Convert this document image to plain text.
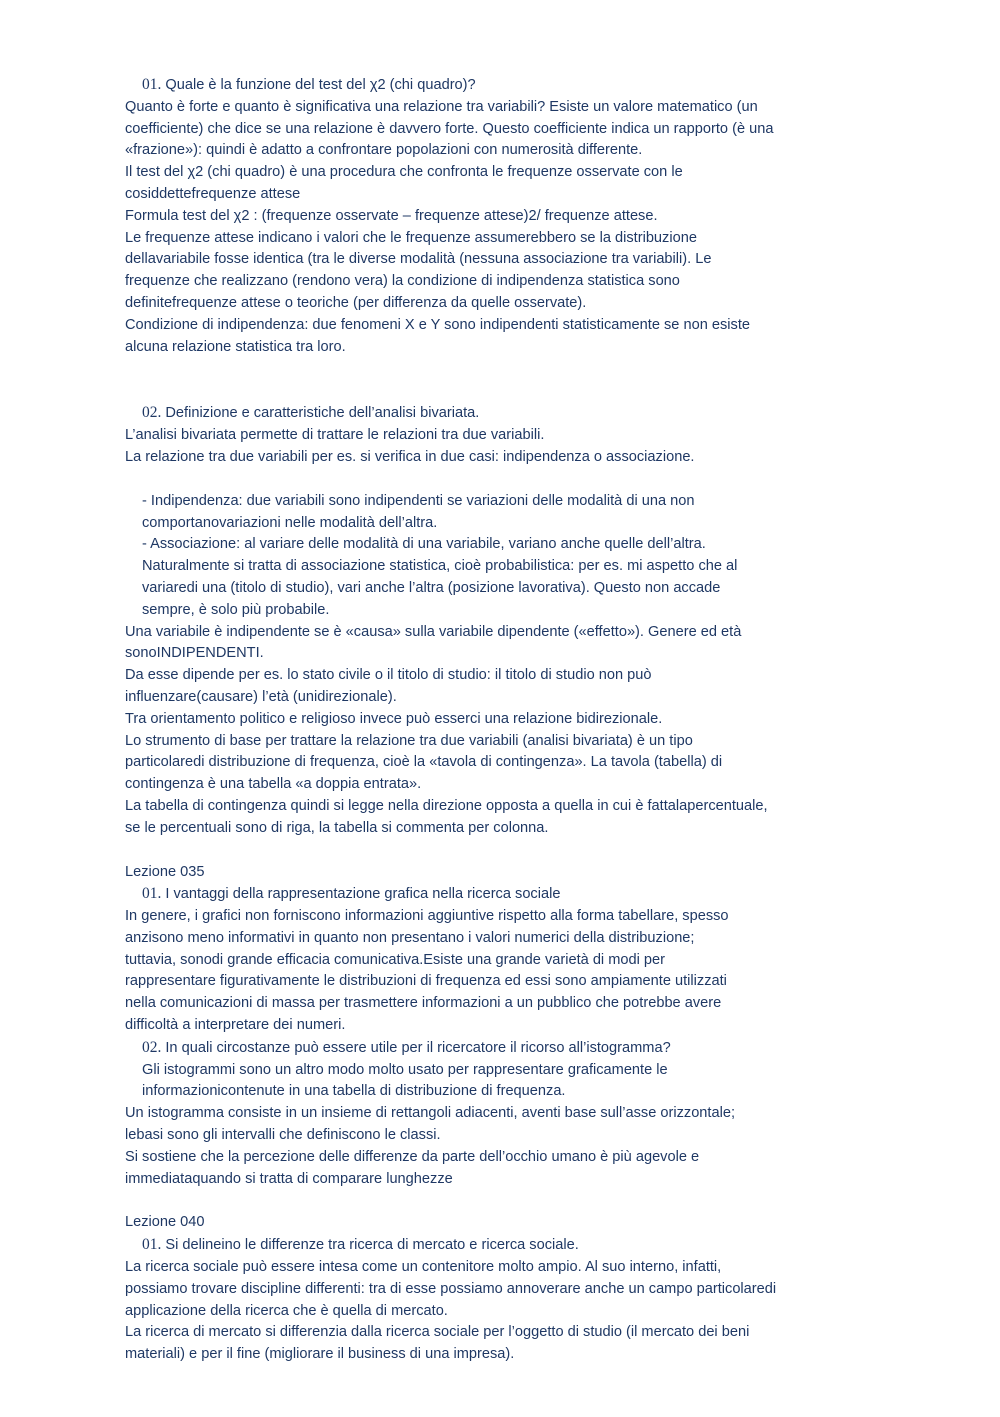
01. Quale è la funzione del test del χ2 (chi quadro)?

Quanto è forte e quanto è significativa una relazione tra variabili? Esiste un valore matematico (un

coefficiente) che dice se una relazione è davvero forte. Questo coefficiente indica un rapporto (è una

«frazione»): quindi è adatto a confrontare popolazioni con numerosità differente.

Il test del χ2 (chi quadro) è una procedura che confronta le frequenze osservate con le

cosiddettefrequenze attese

Formula test del χ2 : (frequenze osservate – frequenze attese)2/ frequenze attese.

Le frequenze attese indicano i valori che le frequenze assumerebbero se la distribuzione

dellavariabile fosse identica (tra le diverse modalità (nessuna associazione tra variabili). Le

frequenze che realizzano (rendono vera) la condizione di indipendenza statistica sono

definitefrequenze attese o teoriche (per differenza da quelle osservate).

Condizione di indipendenza: due fenomeni X e Y sono indipendenti statisticamente se non esiste

alcuna relazione statistica tra loro.

02. Definizione e caratteristiche dell’analisi bivariata.

L’analisi bivariata permette di trattare le relazioni tra due variabili.

La relazione tra due variabili per es. si verifica in due casi: indipendenza o associazione.

- Indipendenza: due variabili sono indipendenti se variazioni delle modalità di una non

comportanovariazioni nelle modalità dell’altra.

- Associazione: al variare delle modalità di una variabile, variano anche quelle dell’altra.

Naturalmente si tratta di associazione statistica, cioè probabilistica: per es. mi aspetto che al

variaredi una (titolo di studio), vari anche l’altra (posizione lavorativa). Questo non accade

sempre, è solo più probabile.

Una variabile è indipendente se è «causa» sulla variabile dipendente («effetto»). Genere ed età

sonoINDIPENDENTI.

Da esse dipende per es. lo stato civile o il titolo di studio: il titolo di studio non può

influenzare(causare) l’età (unidirezionale).

Tra orientamento politico e religioso invece può esserci una relazione bidirezionale.

Lo strumento di base per trattare la relazione tra due variabili (analisi bivariata) è un tipo

particolaredi distribuzione di frequenza, cioè la «tavola di contingenza». La tavola (tabella) di

contingenza è una tabella «a doppia entrata».

La tabella di contingenza quindi si legge nella direzione opposta a quella in cui è fattalapercentuale,

se le percentuali sono di riga, la tabella si commenta per colonna.

Lezione 035

01. I vantaggi della rappresentazione grafica nella ricerca sociale

In genere, i grafici non forniscono informazioni aggiuntive rispetto alla forma tabellare, spesso

anzisono meno informativi in quanto non presentano i valori numerici della distribuzione;

tuttavia, sonodi grande efficacia comunicativa.Esiste una grande varietà di modi per

rappresentare figurativamente le distribuzioni di frequenza ed essi sono ampiamente utilizzati

nella comunicazioni di massa per trasmettere informazioni a un pubblico che potrebbe avere

difficoltà a interpretare dei numeri.

02. In quali circostanze può essere utile per il ricercatore il ricorso all’istogramma?

Gli istogrammi sono un altro modo molto usato per rappresentare graficamente le

informazionicontenute in una tabella di distribuzione di frequenza.

Un istogramma consiste in un insieme di rettangoli adiacenti, aventi base sull’asse orizzontale;

lebasi sono gli intervalli che definiscono le classi.

Si sostiene che la percezione delle differenze da parte dell’occhio umano è più agevole e

immediataquando si tratta di comparare lunghezze

Lezione 040

01. Si delineino le differenze tra ricerca di mercato e ricerca sociale.

La ricerca sociale può essere intesa come un contenitore molto ampio. Al suo interno, infatti,

possiamo trovare discipline differenti: tra di esse possiamo annoverare anche un campo particolaredi

applicazione della ricerca che è quella di mercato.

La ricerca di mercato si differenzia dalla ricerca sociale per l’oggetto di studio (il mercato dei beni

materiali) e per il fine (migliorare il business di una impresa).
